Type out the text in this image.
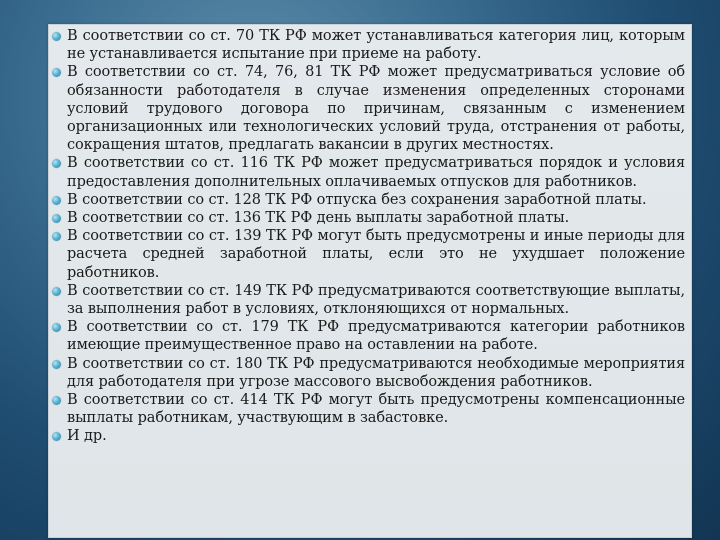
В соответствии со ст. 70 ТК РФ может устанавливаться категория лиц, которым не устанавливается испытание при приеме на работу.
В соответствии со ст. 74, 76, 81 ТК РФ может предусматриваться условие об обязанности работодателя в случае изменения определенных сторонами условий трудового договора по причинам, связанным с изменением организационных или технологических условий труда, отстранения от работы, сокращения штатов, предлагать вакансии в других местностях.
В соответствии со ст. 116 ТК РФ может предусматриваться порядок и условия предоставления дополнительных оплачиваемых отпусков для работников.
В соответствии со ст. 128 ТК РФ отпуска без сохранения заработной платы.
В соответствии со ст. 136 ТК РФ день выплаты заработной платы.
В соответствии со ст. 139 ТК РФ могут быть предусмотрены и иные периоды для расчета средней заработной платы, если это не ухудшает положение работников.
В соответствии со ст. 149 ТК РФ предусматриваются соответствующие выплаты, за выполнения работ в условиях, отклоняющихся от нормальных.
В соответствии со ст. 179 ТК РФ предусматриваются категории работников имеющие преимущественное право на оставлении на работе.
В соответствии со ст. 180 ТК РФ предусматриваются необходимые мероприятия для работодателя при угрозе массового высвобождения работников.
В соответствии со ст. 414 ТК РФ могут быть предусмотрены компенсационные выплаты работникам, участвующим в забастовке.
И др.
